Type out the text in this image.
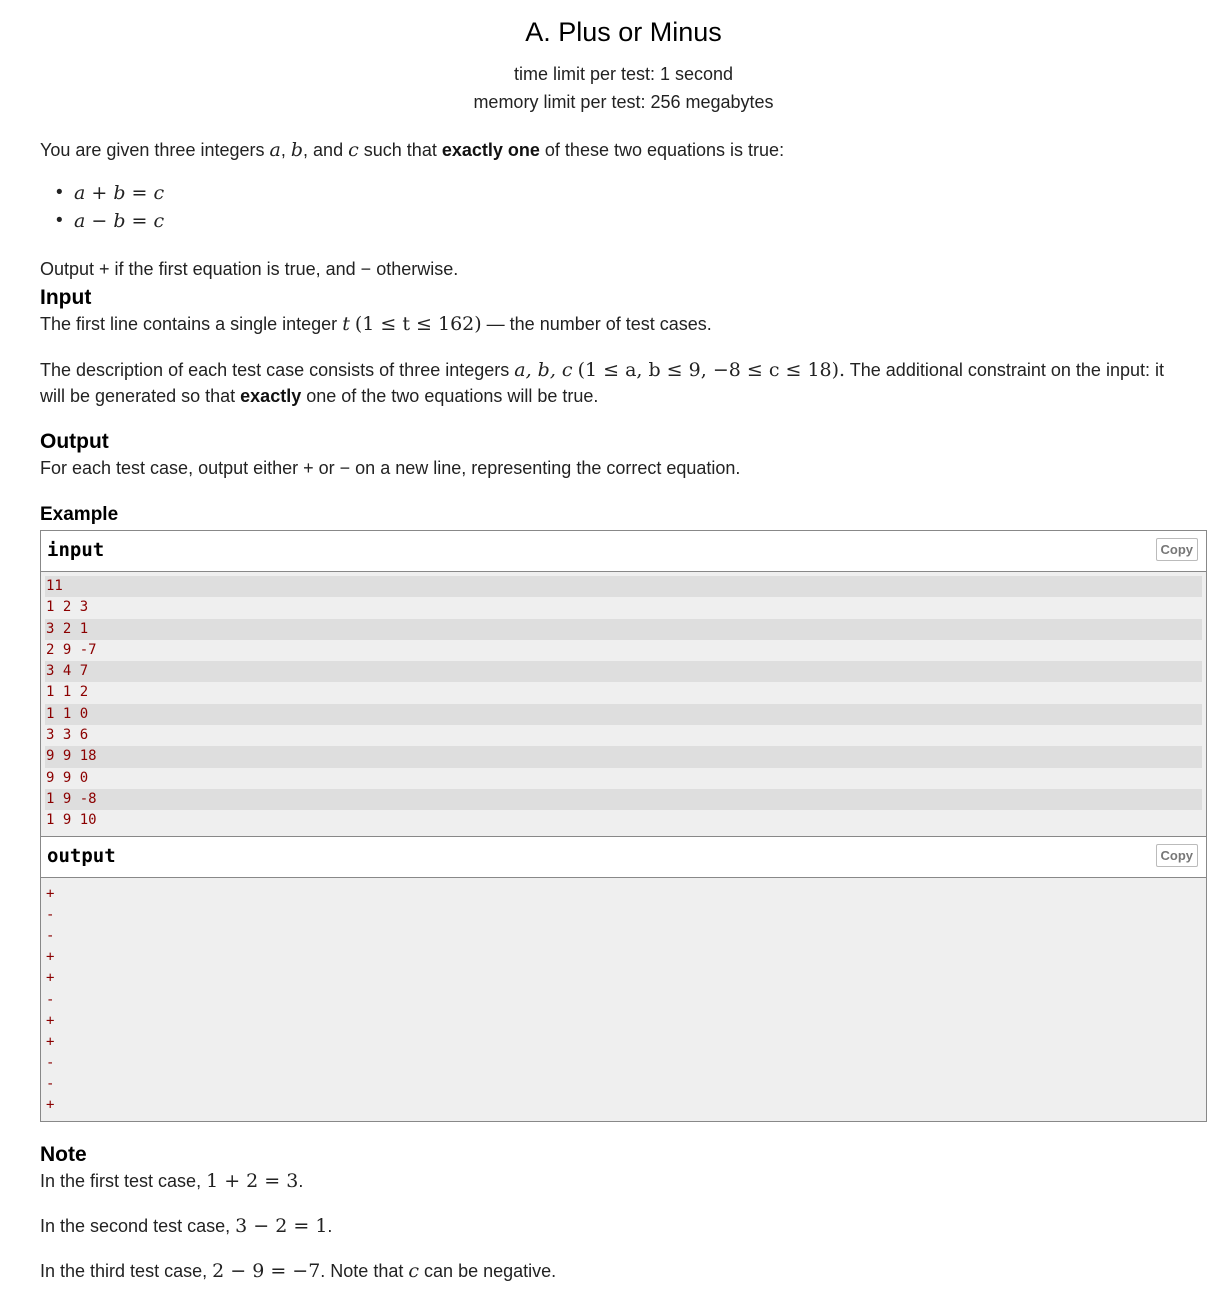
A. Plus or Minus
time limit per test: 1 second
memory limit per test: 256 megabytes

You are given three integers a, b, and c such that exactly one of these two equations is true:

• a + b = c
• a − b = c

Output + if the first equation is true, and − otherwise.

Input

The first line contains a single integer t (1 ≤ t ≤ 162) — the number of test cases.

The description of each test case consists of three integers a, b, c (1 ≤ a, b ≤ 9, −8 ≤ c ≤ 18). The additional constraint on the input: it
will be generated so that exactly one of the two equations will be true.

Output

For each test case, output either + or − on a new line, representing the correct equation.

Example
input	Copy
11
1 2 3
3 2 1
2 9 -7
3 4 7
1 1 2
1 1 0
3 3 6
9 9 18
9 9 0
1 9 -8
1 9 10
output	Copy
+
-
-
+
+
-
+
+
-
-
+
Note

In the first test case, 1 + 2 = 3.

In the second test case, 3 − 2 = 1.

In the third test case, 2 − 9 = −7. Note that c can be negative.
